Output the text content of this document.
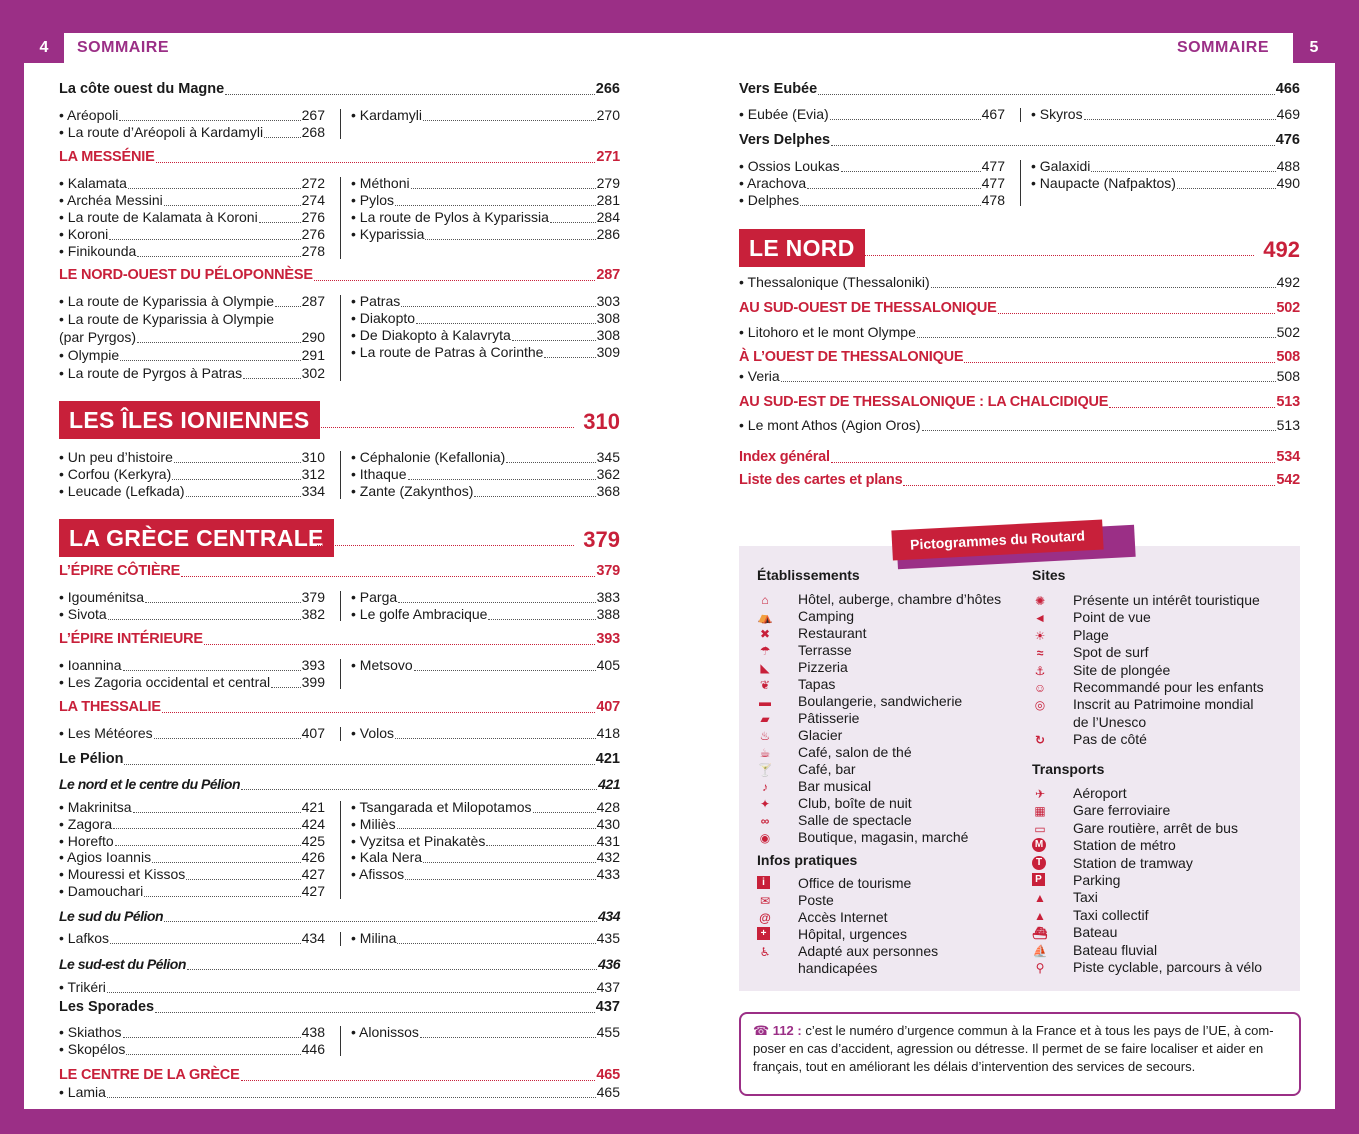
4	SOMMAIRE
La côte ouest du Magne	266
• Aréopoli	267
• La route d’Aréopoli à Kardamyli	268
• Kardamyli	270
LA MESSÉNIE	271
• Kalamata	272
• Archéa Messini	274
• La route de Kalamata à Koroni	276
• Koroni	276
• Finikounda	278
• Méthoni	279
• Pylos	281
• La route de Pylos à Kyparissia	284
• Kyparissia	286
LE NORD-OUEST DU PÉLOPONNÈSE	287
• La route de Kyparissia à Olympie 287
• La route de Kyparissia à Olympie
(par Pyrgos)	290
• Olympie	291
• La route de Pyrgos à Patras	302
• Patras	303
• Diakopto	308
• De Diakopto à Kalavryta	308
• La route de Patras à Corinthe	309
LES ÎLES IONIENNES	310
• Un peu d’histoire	310
• Corfou (Kerkyra)	312
• Leucade (Lefkada)	334
• Céphalonie (Kefallonia)	345
• Ithaque	362
• Zante (Zakynthos)	368
LA GRÈCE CENTRALE	379
L’ÉPIRE CÔTIÈRE	379
• Igouménitsa	379
• Sivota	382
• Parga	383
• Le golfe Ambracique	388
L’ÉPIRE INTÉRIEURE	393
• Ioannina	393
• Les Zagoria occidental et central 399
• Metsovo	405
LA THESSALIE	407
• Les Météores	407 • Volos	418
Le Pélion	421
Le nord et le centre du Pélion	421
• Makrinitsa	421
• Zagora	424
• Horefto	425
• Agios Ioannis	426
• Mouressi et Kissos	427
• Damouchari	427
• Tsangarada et Milopotamos	428
• Miliès	430
• Vyzitsa et Pinakatès	431
• Kala Nera	432
• Afissos	433
Le sud du Pélion	434
• Lafkos	434 • Milina	435
Le sud-est du Pélion	436
• Trikéri	437
Les Sporades	437
• Skiathos	438
• Skopélos	446
• Alonissos	455
LE CENTRE DE LA GRÈCE	465
• Lamia	465
SOMMAIRE	5
Vers Eubée	466
• Eubée (Evia)	467 • Skyros	469
Vers Delphes	476
• Ossios Loukas	477
• Arachova	477
• Delphes	478
• Galaxidi	488
• Naupacte (Nafpaktos)	490
LE NORD	492
• Thessalonique (Thessaloniki)	492
AU SUD-OUEST DE THESSALONIQUE	502
• Litohoro et le mont Olympe	502
À L’OUEST DE THESSALONIQUE	508
• Veria	508
AU SUD-EST DE THESSALONIQUE : LA CHALCIDIQUE	513
• Le mont Athos (Agion Oros)	513
Index général	534
Liste des cartes et plans	542
Pictogrammes du Routard
Établissements
⌂	Hôtel, auberge, chambre d’hôtes
⛺ Camping
✖ Restaurant
☂ Terrasse
◣ Pizzeria
❦ Tapas
▬ Boulangerie, sandwicherie
▰ Pâtisserie
♨ Glacier
☕ Café, salon de thé
🍸 Café, bar
♪	Bar musical
✦ Club, boîte de nuit
∞ Salle de spectacle
◉ Boutique, magasin, marché
Infos pratiques
i	Office de tourisme
✉ Poste
@ Accès Internet
+ Hôpital, urgences
♿ Adapté aux personnes
handicapées
Sites
✺ Présente un intérêt touristique
◄ Point de vue
☀ Plage
≈	Spot de surf
⚓ Site de plongée
☺ Recommandé pour les enfants
◎ Inscrit au Patrimoine mondial
de l’Unesco
↻ Pas de côté
Transports
✈ Aéroport
▦ Gare ferroviaire
▭ Gare routière, arrêt de bus
M Station de métro
T Station de tramway
P Parking
▲ Taxi
▲ Taxi collectif
⛴ Bateau
⛵ Bateau fluvial
⚲ Piste cyclable, parcours à vélo
☎ 112 : c’est le numéro d’urgence commun à la France et à tous les pays de l’UE, à com-poser en cas d’accident, agression ou détresse. Il permet de se faire localiser et aider en français, tout en améliorant les délais d’intervention des services de secours.
